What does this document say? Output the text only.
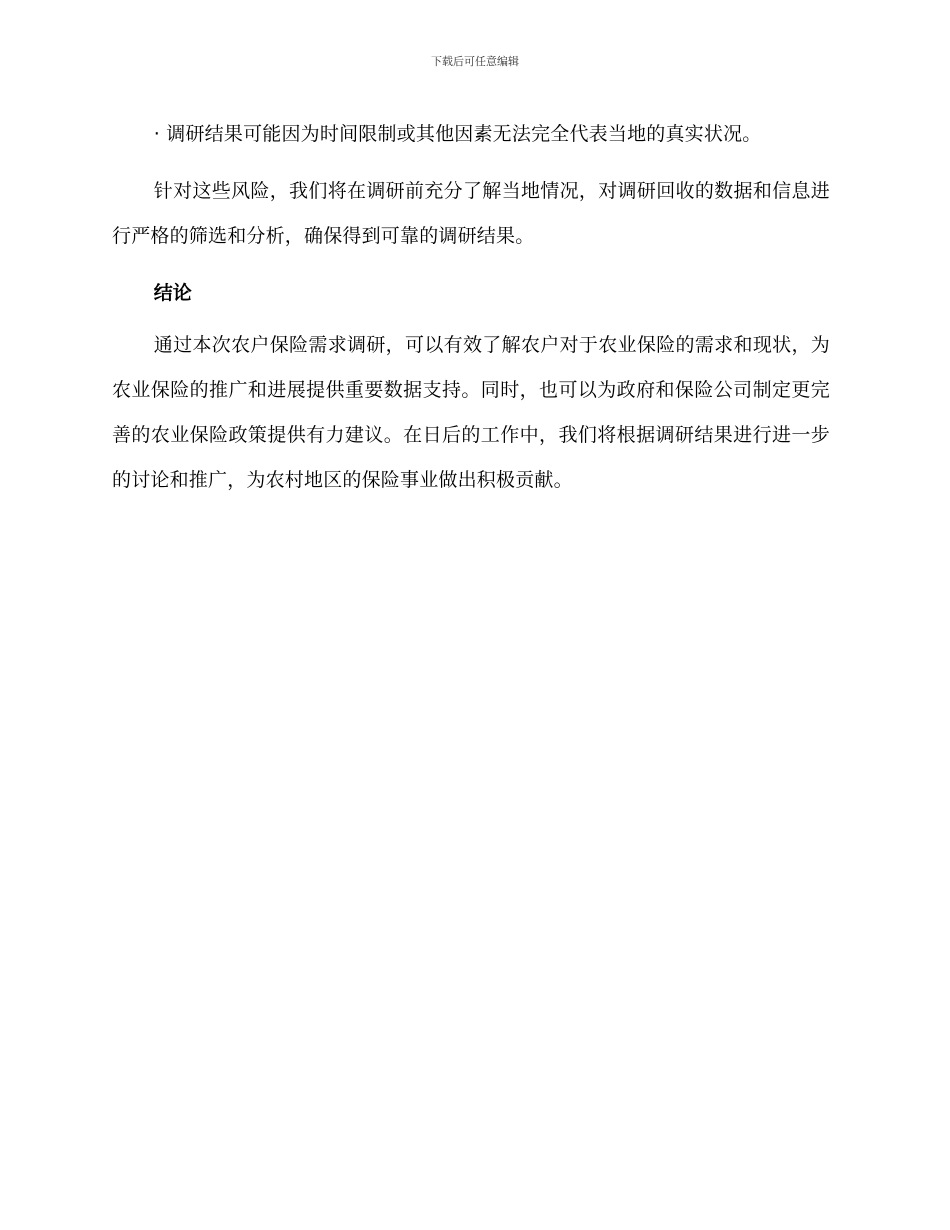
下载后可任意编辑

· 调研结果可能因为时间限制或其他因素无法完全代表当地的真实状况。

针对这些风险，我们将在调研前充分了解当地情况，对调研回收的数据和信息进行严格的筛选和分析，确保得到可靠的调研结果。

结论

通过本次农户保险需求调研，可以有效了解农户对于农业保险的需求和现状，为农业保险的推广和进展提供重要数据支持。同时，也可以为政府和保险公司制定更完善的农业保险政策提供有力建议。在日后的工作中，我们将根据调研结果进行进一步的讨论和推广，为农村地区的保险事业做出积极贡献。
